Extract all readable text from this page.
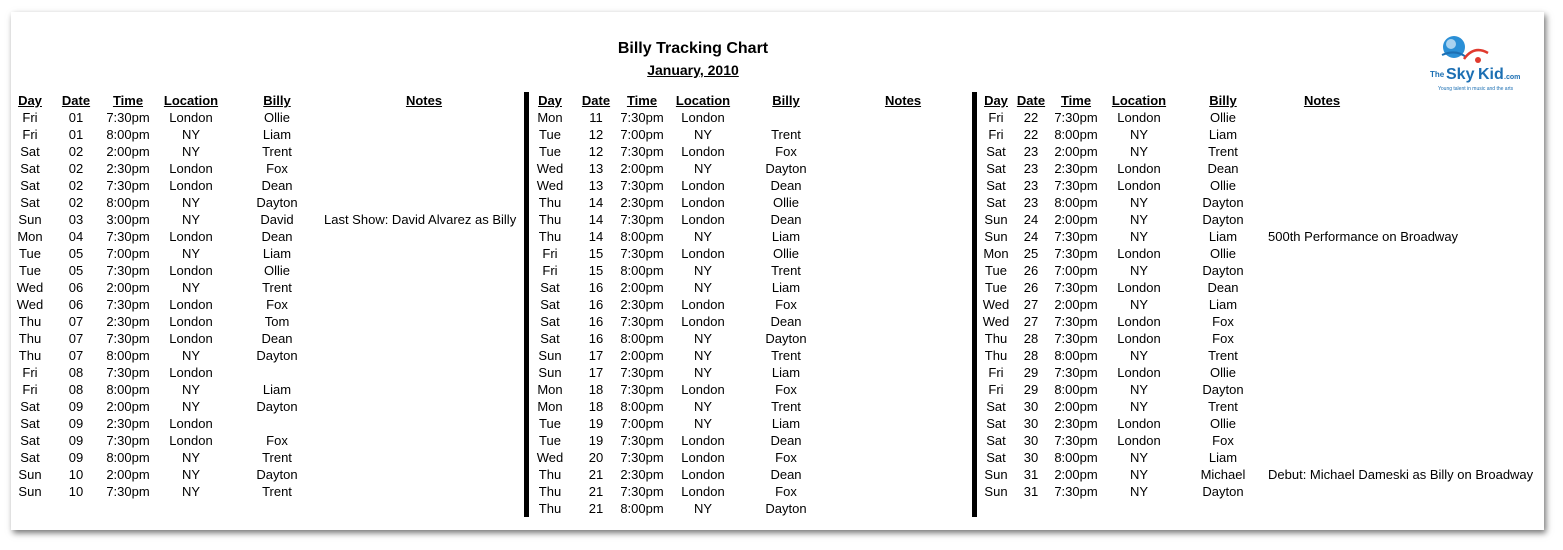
Billy Tracking Chart
January, 2010	The Sky Kid .com
Young talent in music and the arts
Day	Date	Time	Location	Billy	Notes
Fri	01	7:30pm	London	Ollie
Fri	01	8:00pm	NY	Liam
Sat	02	2:00pm	NY	Trent
Sat	02	2:30pm	London	Fox
Sat	02	7:30pm	London	Dean
Sat	02	8:00pm	NY	Dayton
Sun	03	3:00pm	NY	David	Last Show: David Alvarez as Billy
Mon	04	7:30pm	London	Dean
Tue	05	7:00pm	NY	Liam
Tue	05	7:30pm	London	Ollie
Wed	06	2:00pm	NY	Trent
Wed	06	7:30pm	London	Fox
Thu	07	2:30pm	London	Tom
Thu	07	7:30pm	London	Dean
Thu	07	8:00pm	NY	Dayton
Fri	08	7:30pm	London
Fri	08	8:00pm	NY	Liam
Sat	09	2:00pm	NY	Dayton
Sat	09	2:30pm	London
Sat	09	7:30pm	London	Fox
Sat	09	8:00pm	NY	Trent
Sun	10	2:00pm	NY	Dayton
Sun	10	7:30pm	NY	Trent
Day	Date	Time	Location	Billy	Notes
Mon	11	7:30pm	London
Tue	12	7:00pm	NY	Trent
Tue	12	7:30pm	London	Fox
Wed	13	2:00pm	NY	Dayton
Wed	13	7:30pm	London	Dean
Thu	14	2:30pm	London	Ollie
Thu	14	7:30pm	London	Dean
Thu	14	8:00pm	NY	Liam
Fri	15	7:30pm	London	Ollie
Fri	15	8:00pm	NY	Trent
Sat	16	2:00pm	NY	Liam
Sat	16	2:30pm	London	Fox
Sat	16	7:30pm	London	Dean
Sat	16	8:00pm	NY	Dayton
Sun	17	2:00pm	NY	Trent
Sun	17	7:30pm	NY	Liam
Mon	18	7:30pm	London	Fox
Mon	18	8:00pm	NY	Trent
Tue	19	7:00pm	NY	Liam
Tue	19	7:30pm	London	Dean
Wed	20	7:30pm	London	Fox
Thu	21	2:30pm	London	Dean
Thu	21	7:30pm	London	Fox
Thu	21	8:00pm	NY	Dayton
Day Date	Time	Location	Billy	Notes
Fri	22	7:30pm	London	Ollie
Fri	22	8:00pm	NY	Liam
Sat	23	2:00pm	NY	Trent
Sat	23	2:30pm	London	Dean
Sat	23	7:30pm	London	Ollie
Sat	23	8:00pm	NY	Dayton
Sun	24	2:00pm	NY	Dayton
Sun	24	7:30pm	NY	Liam	500th Performance on Broadway
Mon	25	7:30pm	London	Ollie
Tue	26	7:00pm	NY	Dayton
Tue	26	7:30pm	London	Dean
Wed	27	2:00pm	NY	Liam
Wed	27	7:30pm	London	Fox
Thu	28	7:30pm	London	Fox
Thu	28	8:00pm	NY	Trent
Fri	29	7:30pm	London	Ollie
Fri	29	8:00pm	NY	Dayton
Sat	30	2:00pm	NY	Trent
Sat	30	2:30pm	London	Ollie
Sat	30	7:30pm	London	Fox
Sat	30	8:00pm	NY	Liam
Sun	31	2:00pm	NY	Michael	Debut: Michael Dameski as Billy on Broadway
Sun	31	7:30pm	NY	Dayton
